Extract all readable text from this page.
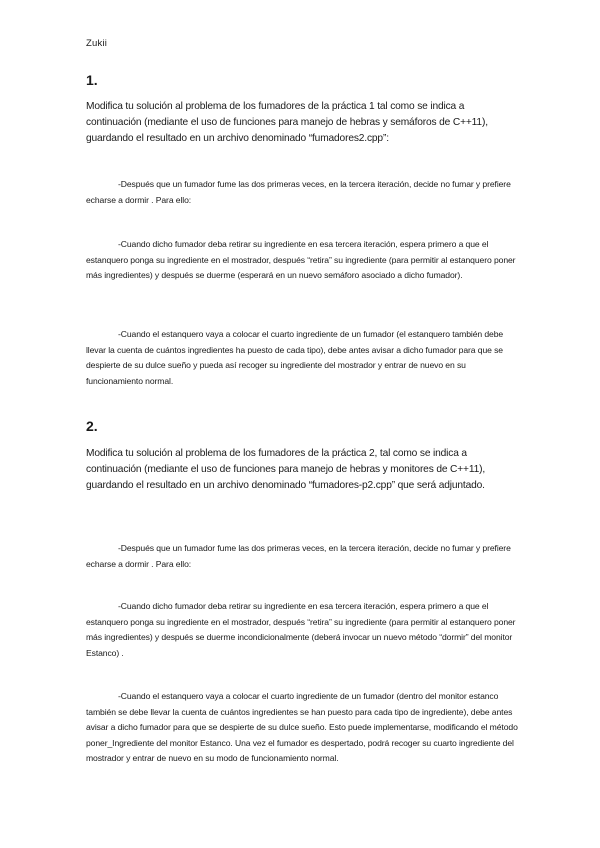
Zukii
1.
Modifica tu solución al problema de los fumadores de la práctica 1 tal como se indica a continuación (mediante el uso de funciones para manejo de hebras y semáforos de C++11), guardando el resultado en un archivo denominado “fumadores2.cpp”:
-Después que un fumador fume las dos primeras veces, en la tercera iteración, decide no fumar y prefiere echarse a dormir . Para ello:
-Cuando dicho fumador deba retirar su ingrediente en esa tercera iteración, espera primero a que el estanquero ponga su ingrediente en el mostrador, después “retira” su ingrediente (para permitir al estanquero poner más ingredientes) y después se duerme (esperará en un nuevo semáforo asociado a dicho fumador).
-Cuando el estanquero vaya a colocar el cuarto ingrediente de un fumador (el estanquero también debe llevar la cuenta de cuántos ingredientes ha puesto de cada tipo), debe antes avisar a dicho fumador para que se despierte de su dulce sueño y pueda así recoger su ingrediente del mostrador y entrar de nuevo en su funcionamiento normal.
2.
Modifica tu solución al problema de los fumadores de la práctica 2, tal como se indica a continuación (mediante el uso de funciones para manejo de hebras y monitores de C++11), guardando el resultado en un archivo denominado “fumadores-p2.cpp” que será adjuntado.
-Después que un fumador fume las dos primeras veces, en la tercera iteración, decide no fumar y prefiere echarse a dormir . Para ello:
-Cuando dicho fumador deba retirar su ingrediente en esa tercera iteración, espera primero a que el estanquero ponga su ingrediente en el mostrador, después “retira” su ingrediente (para permitir al estanquero poner más ingredientes) y después se duerme incondicionalmente (deberá invocar un nuevo método “dormir” del monitor Estanco) .
-Cuando el estanquero vaya a colocar el cuarto ingrediente de un fumador (dentro del monitor estanco también se debe llevar la cuenta de cuántos ingredientes se han puesto para cada tipo de ingrediente), debe antes avisar a dicho fumador para que se despierte de su dulce sueño. Esto puede implementarse, modificando el método poner_Ingrediente del monitor Estanco. Una vez el fumador es despertado, podrá recoger su cuarto ingrediente del mostrador y entrar de nuevo en su modo de funcionamiento normal.
